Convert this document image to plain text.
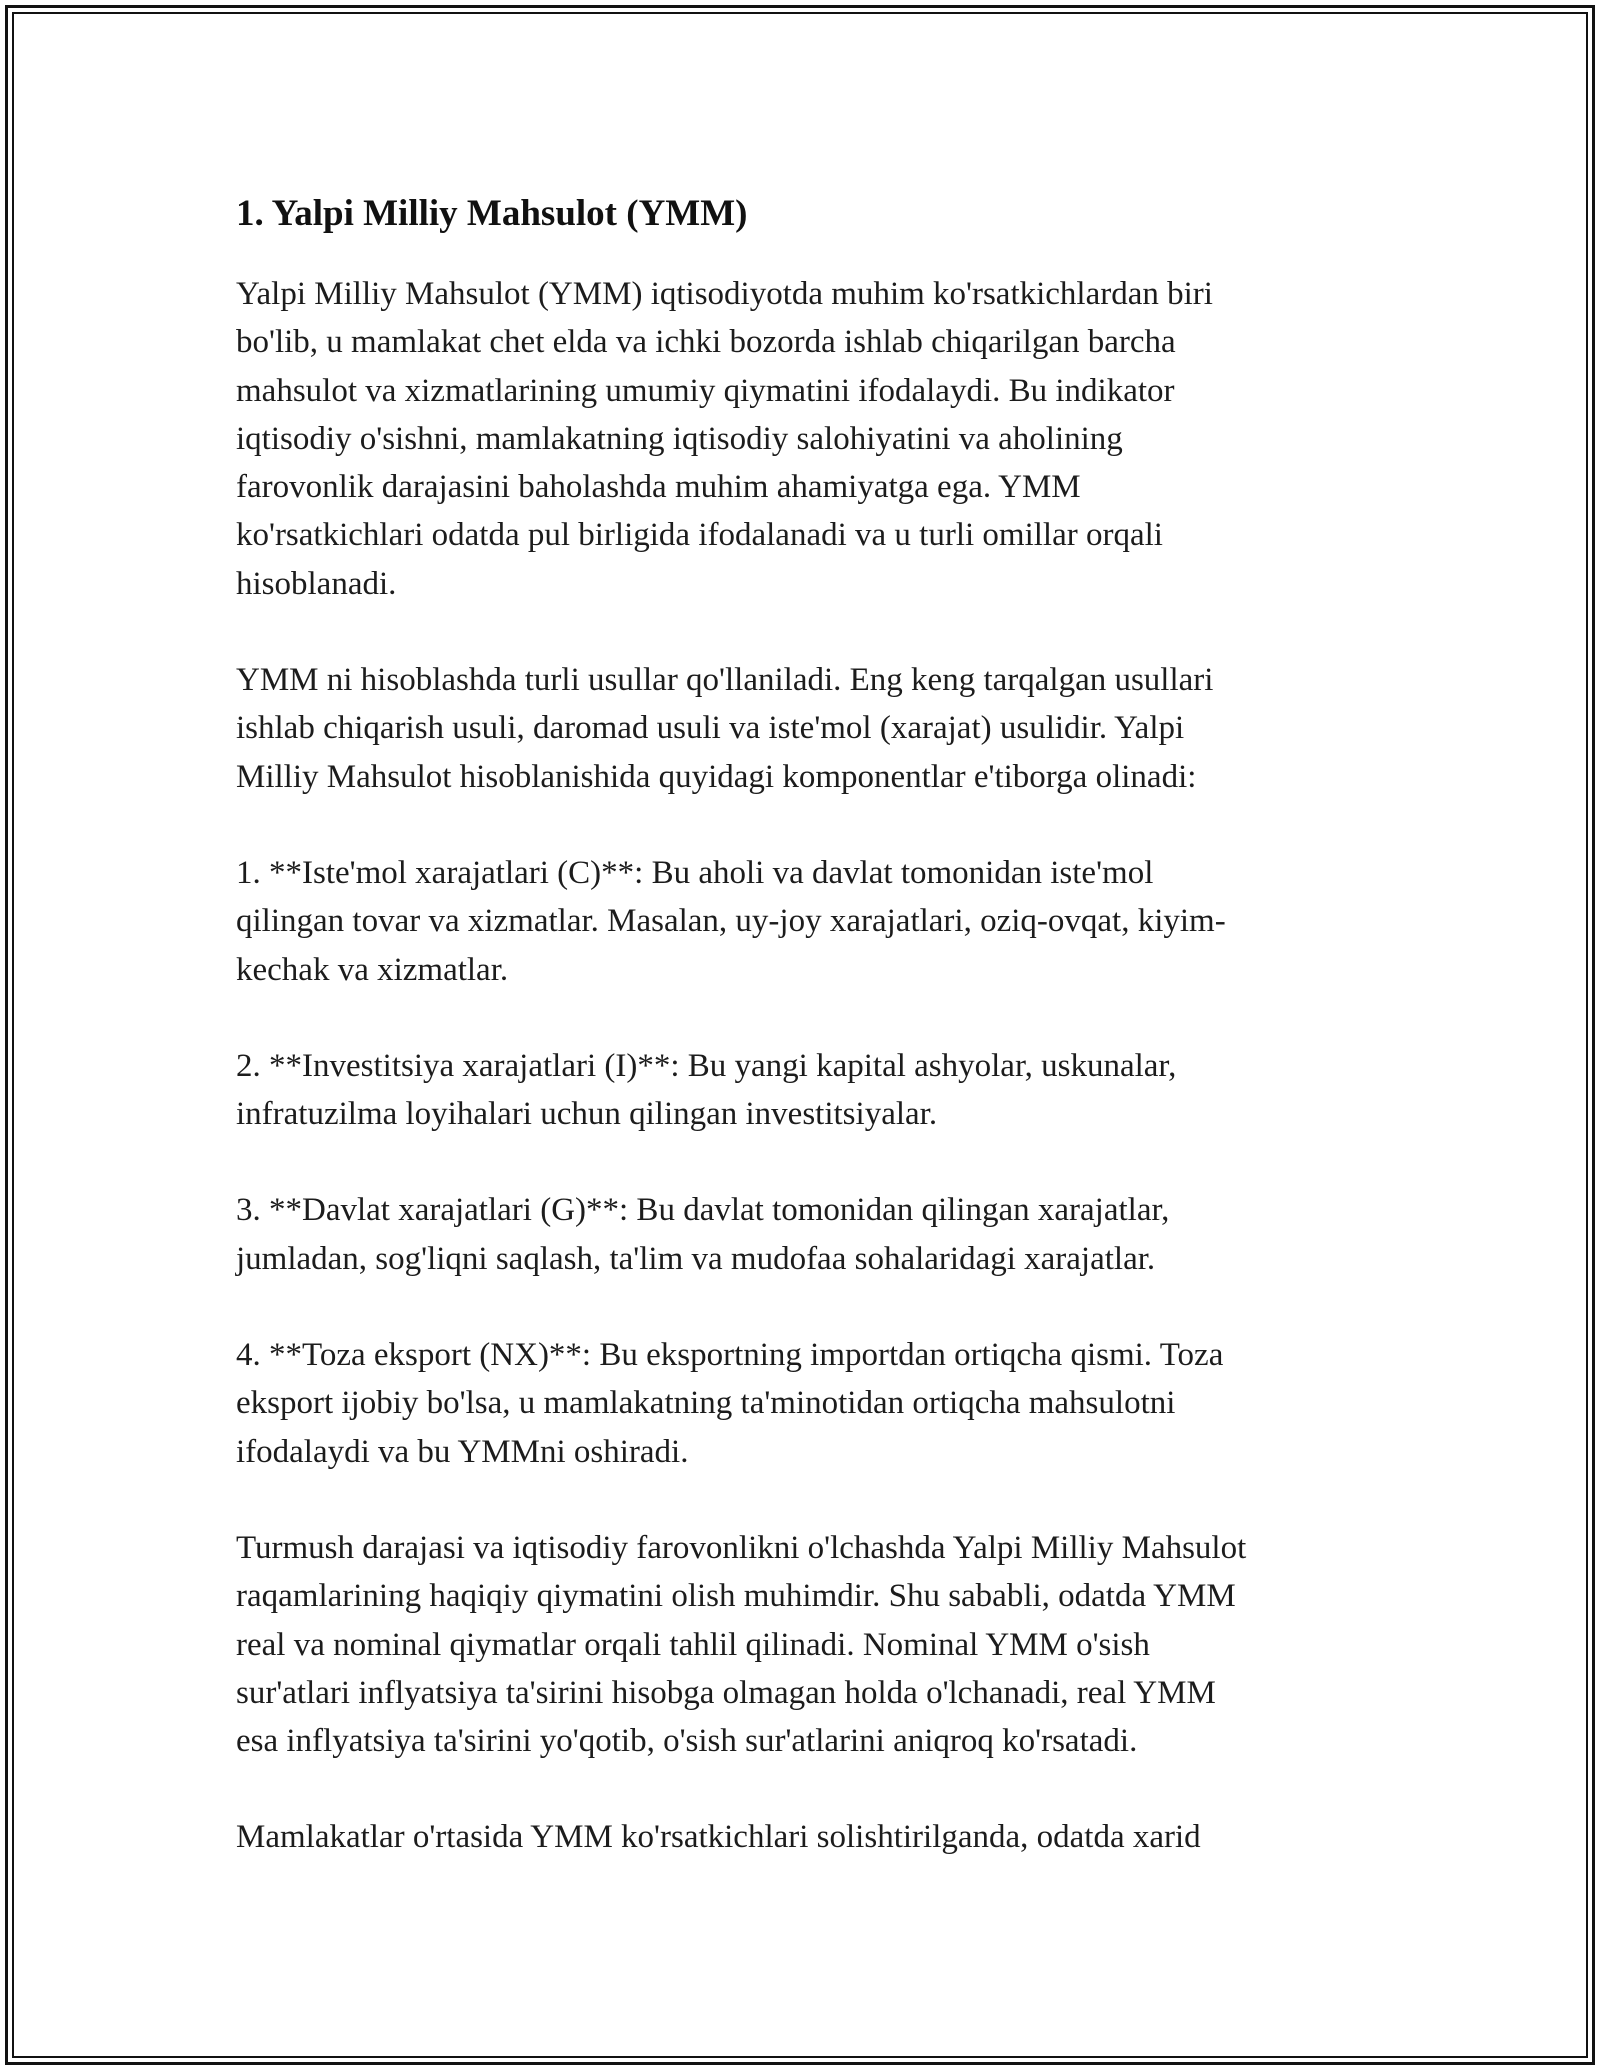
1. Yalpi Milliy Mahsulot (YMM)

Yalpi Milliy Mahsulot (YMM) iqtisodiyotda muhim ko'rsatkichlardan biri
bo'lib, u mamlakat chet elda va ichki bozorda ishlab chiqarilgan barcha
mahsulot va xizmatlarining umumiy qiymatini ifodalaydi. Bu indikator
iqtisodiy o'sishni, mamlakatning iqtisodiy salohiyatini va aholining
farovonlik darajasini baholashda muhim ahamiyatga ega. YMM
ko'rsatkichlari odatda pul birligida ifodalanadi va u turli omillar orqali
hisoblanadi.

YMM ni hisoblashda turli usullar qo'llaniladi. Eng keng tarqalgan usullari
ishlab chiqarish usuli, daromad usuli va iste'mol (xarajat) usulidir. Yalpi
Milliy Mahsulot hisoblanishida quyidagi komponentlar e'tiborga olinadi:

1. **Iste'mol xarajatlari (C)**: Bu aholi va davlat tomonidan iste'mol
qilingan tovar va xizmatlar. Masalan, uy-joy xarajatlari, oziq-ovqat, kiyim-
kechak va xizmatlar.

2. **Investitsiya xarajatlari (I)**: Bu yangi kapital ashyolar, uskunalar,
infratuzilma loyihalari uchun qilingan investitsiyalar.

3. **Davlat xarajatlari (G)**: Bu davlat tomonidan qilingan xarajatlar,
jumladan, sog'liqni saqlash, ta'lim va mudofaa sohalaridagi xarajatlar.

4. **Toza eksport (NX)**: Bu eksportning importdan ortiqcha qismi. Toza
eksport ijobiy bo'lsa, u mamlakatning ta'minotidan ortiqcha mahsulotni
ifodalaydi va bu YMMni oshiradi.

Turmush darajasi va iqtisodiy farovonlikni o'lchashda Yalpi Milliy Mahsulot
raqamlarining haqiqiy qiymatini olish muhimdir. Shu sababli, odatda YMM
real va nominal qiymatlar orqali tahlil qilinadi. Nominal YMM o'sish
sur'atlari inflyatsiya ta'sirini hisobga olmagan holda o'lchanadi, real YMM
esa inflyatsiya ta'sirini yo'qotib, o'sish sur'atlarini aniqroq ko'rsatadi.

Mamlakatlar o'rtasida YMM ko'rsatkichlari solishtirilganda, odatda xarid
